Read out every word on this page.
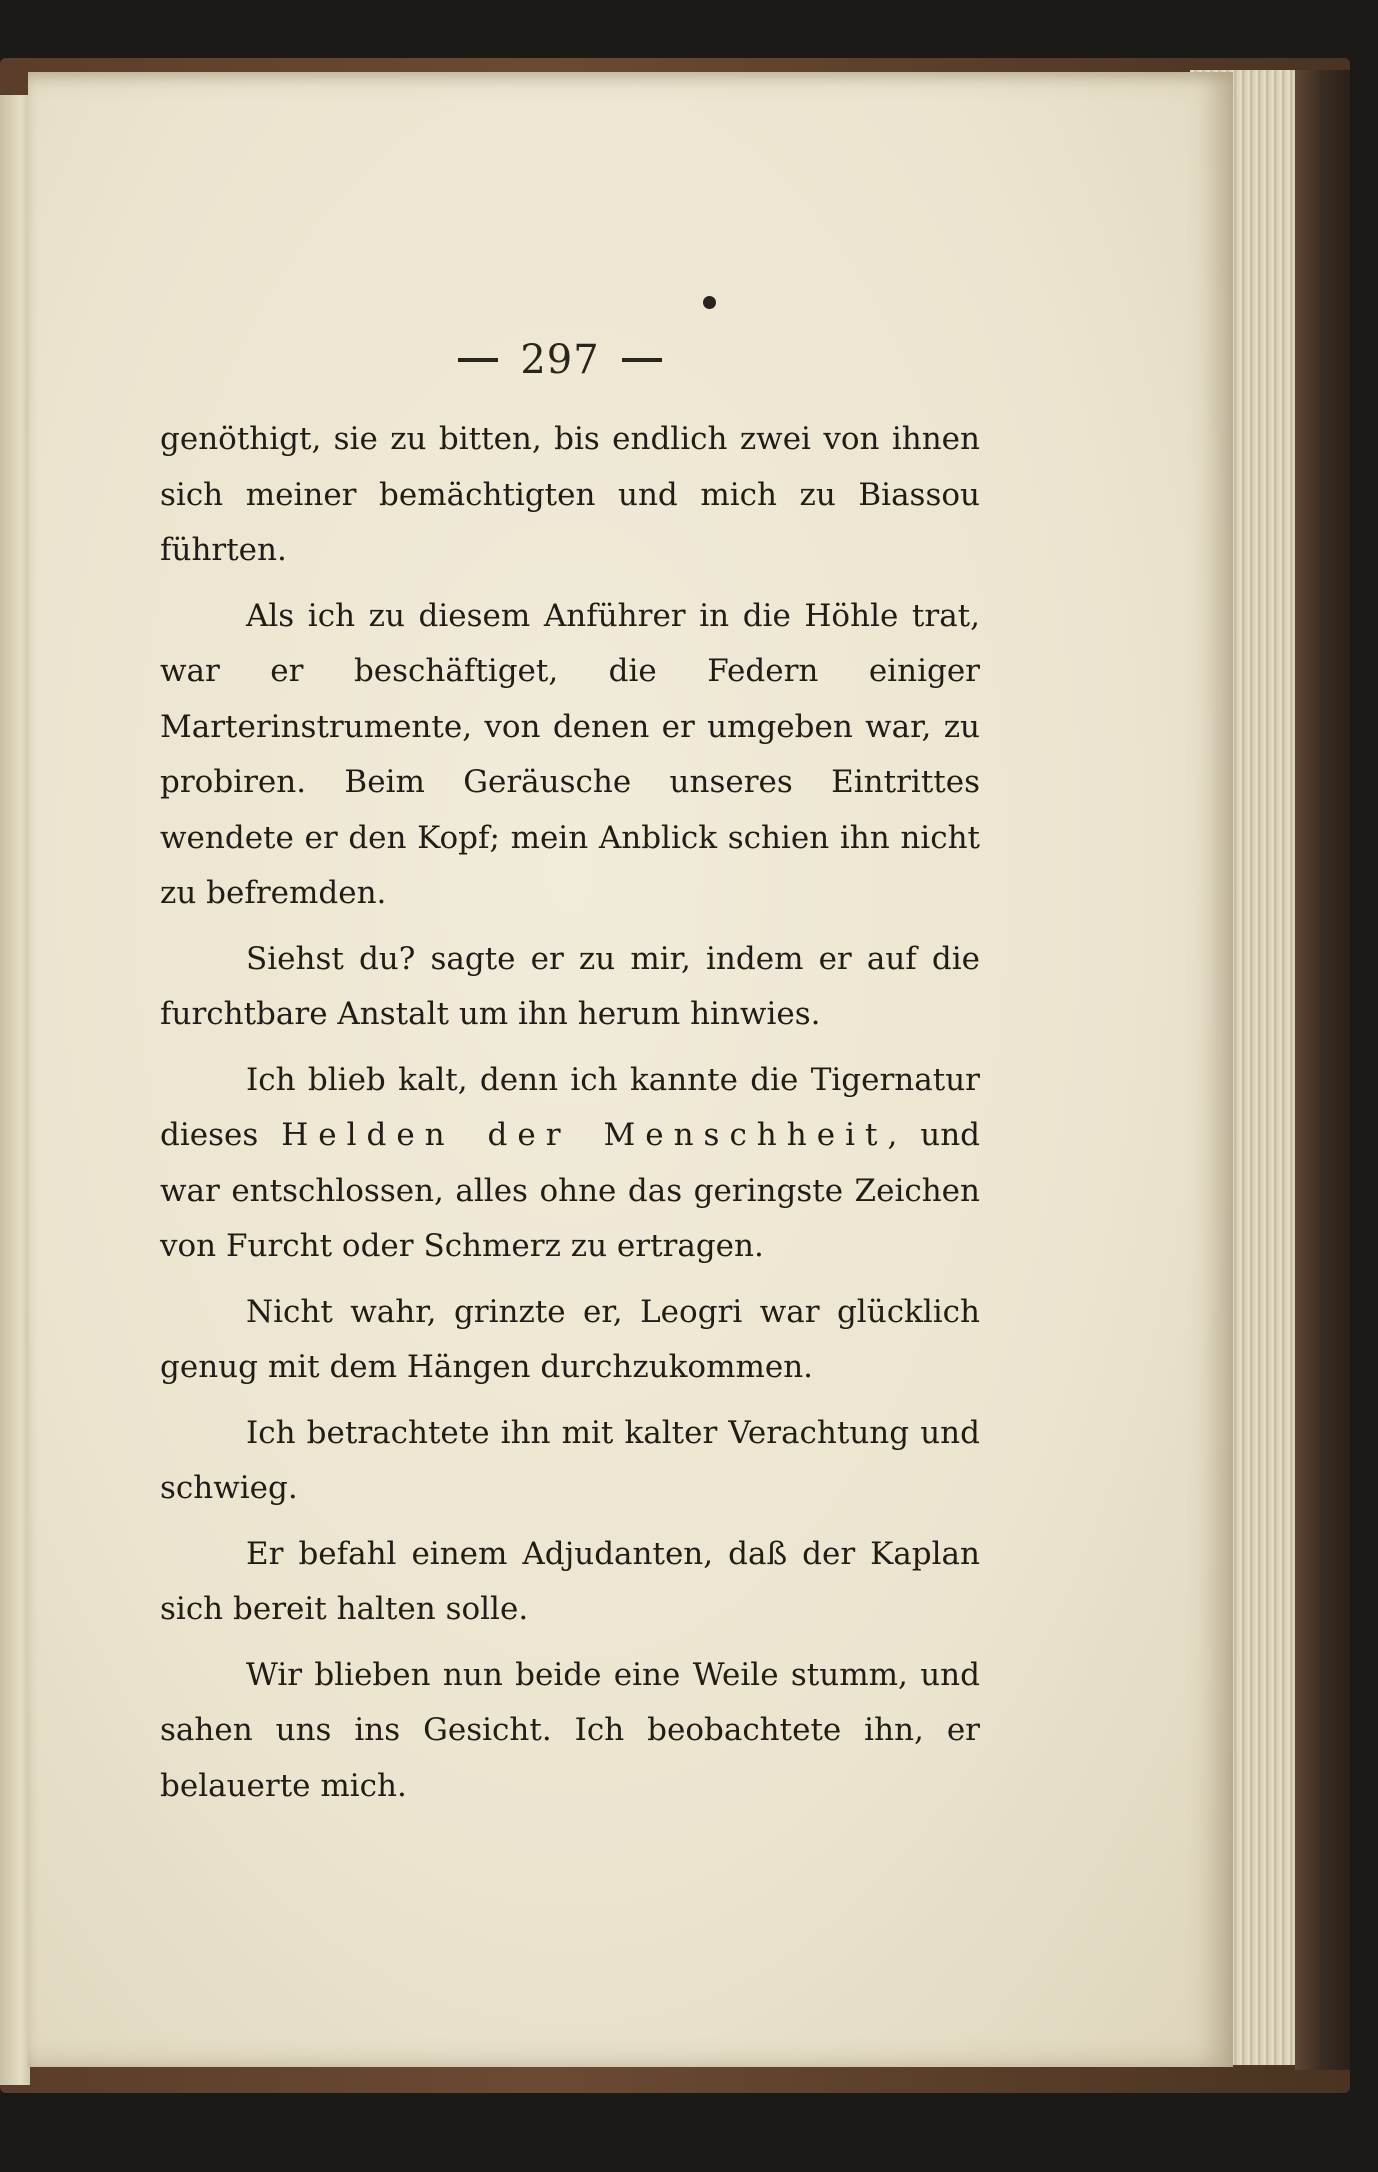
297

genöthigt, sie zu bitten, bis endlich zwei von ihnen sich meiner bemächtigten und mich zu Biassou führten.

Als ich zu diesem Anführer in die Höhle trat, war er beschäftiget, die Federn einiger Marterinstrumente, von denen er umgeben war, zu probiren. Beim Geräusche unseres Eintrittes wendete er den Kopf; mein Anblick schien ihn nicht zu befremden.

Siehst du? sagte er zu mir, indem er auf die furchtbare Anstalt um ihn herum hinwies.

Ich blieb kalt, denn ich kannte die Tigernatur dieses Helden der Menschheit, und war entschlossen, alles ohne das geringste Zeichen von Furcht oder Schmerz zu ertragen.

Nicht wahr, grinzte er, Leogri war glücklich genug mit dem Hängen durchzukommen.

Ich betrachtete ihn mit kalter Verachtung und schwieg.

Er befahl einem Adjudanten, daß der Kaplan sich bereit halten solle.

Wir blieben nun beide eine Weile stumm, und sahen uns ins Gesicht. Ich beobachtete ihn, er belauerte mich.
